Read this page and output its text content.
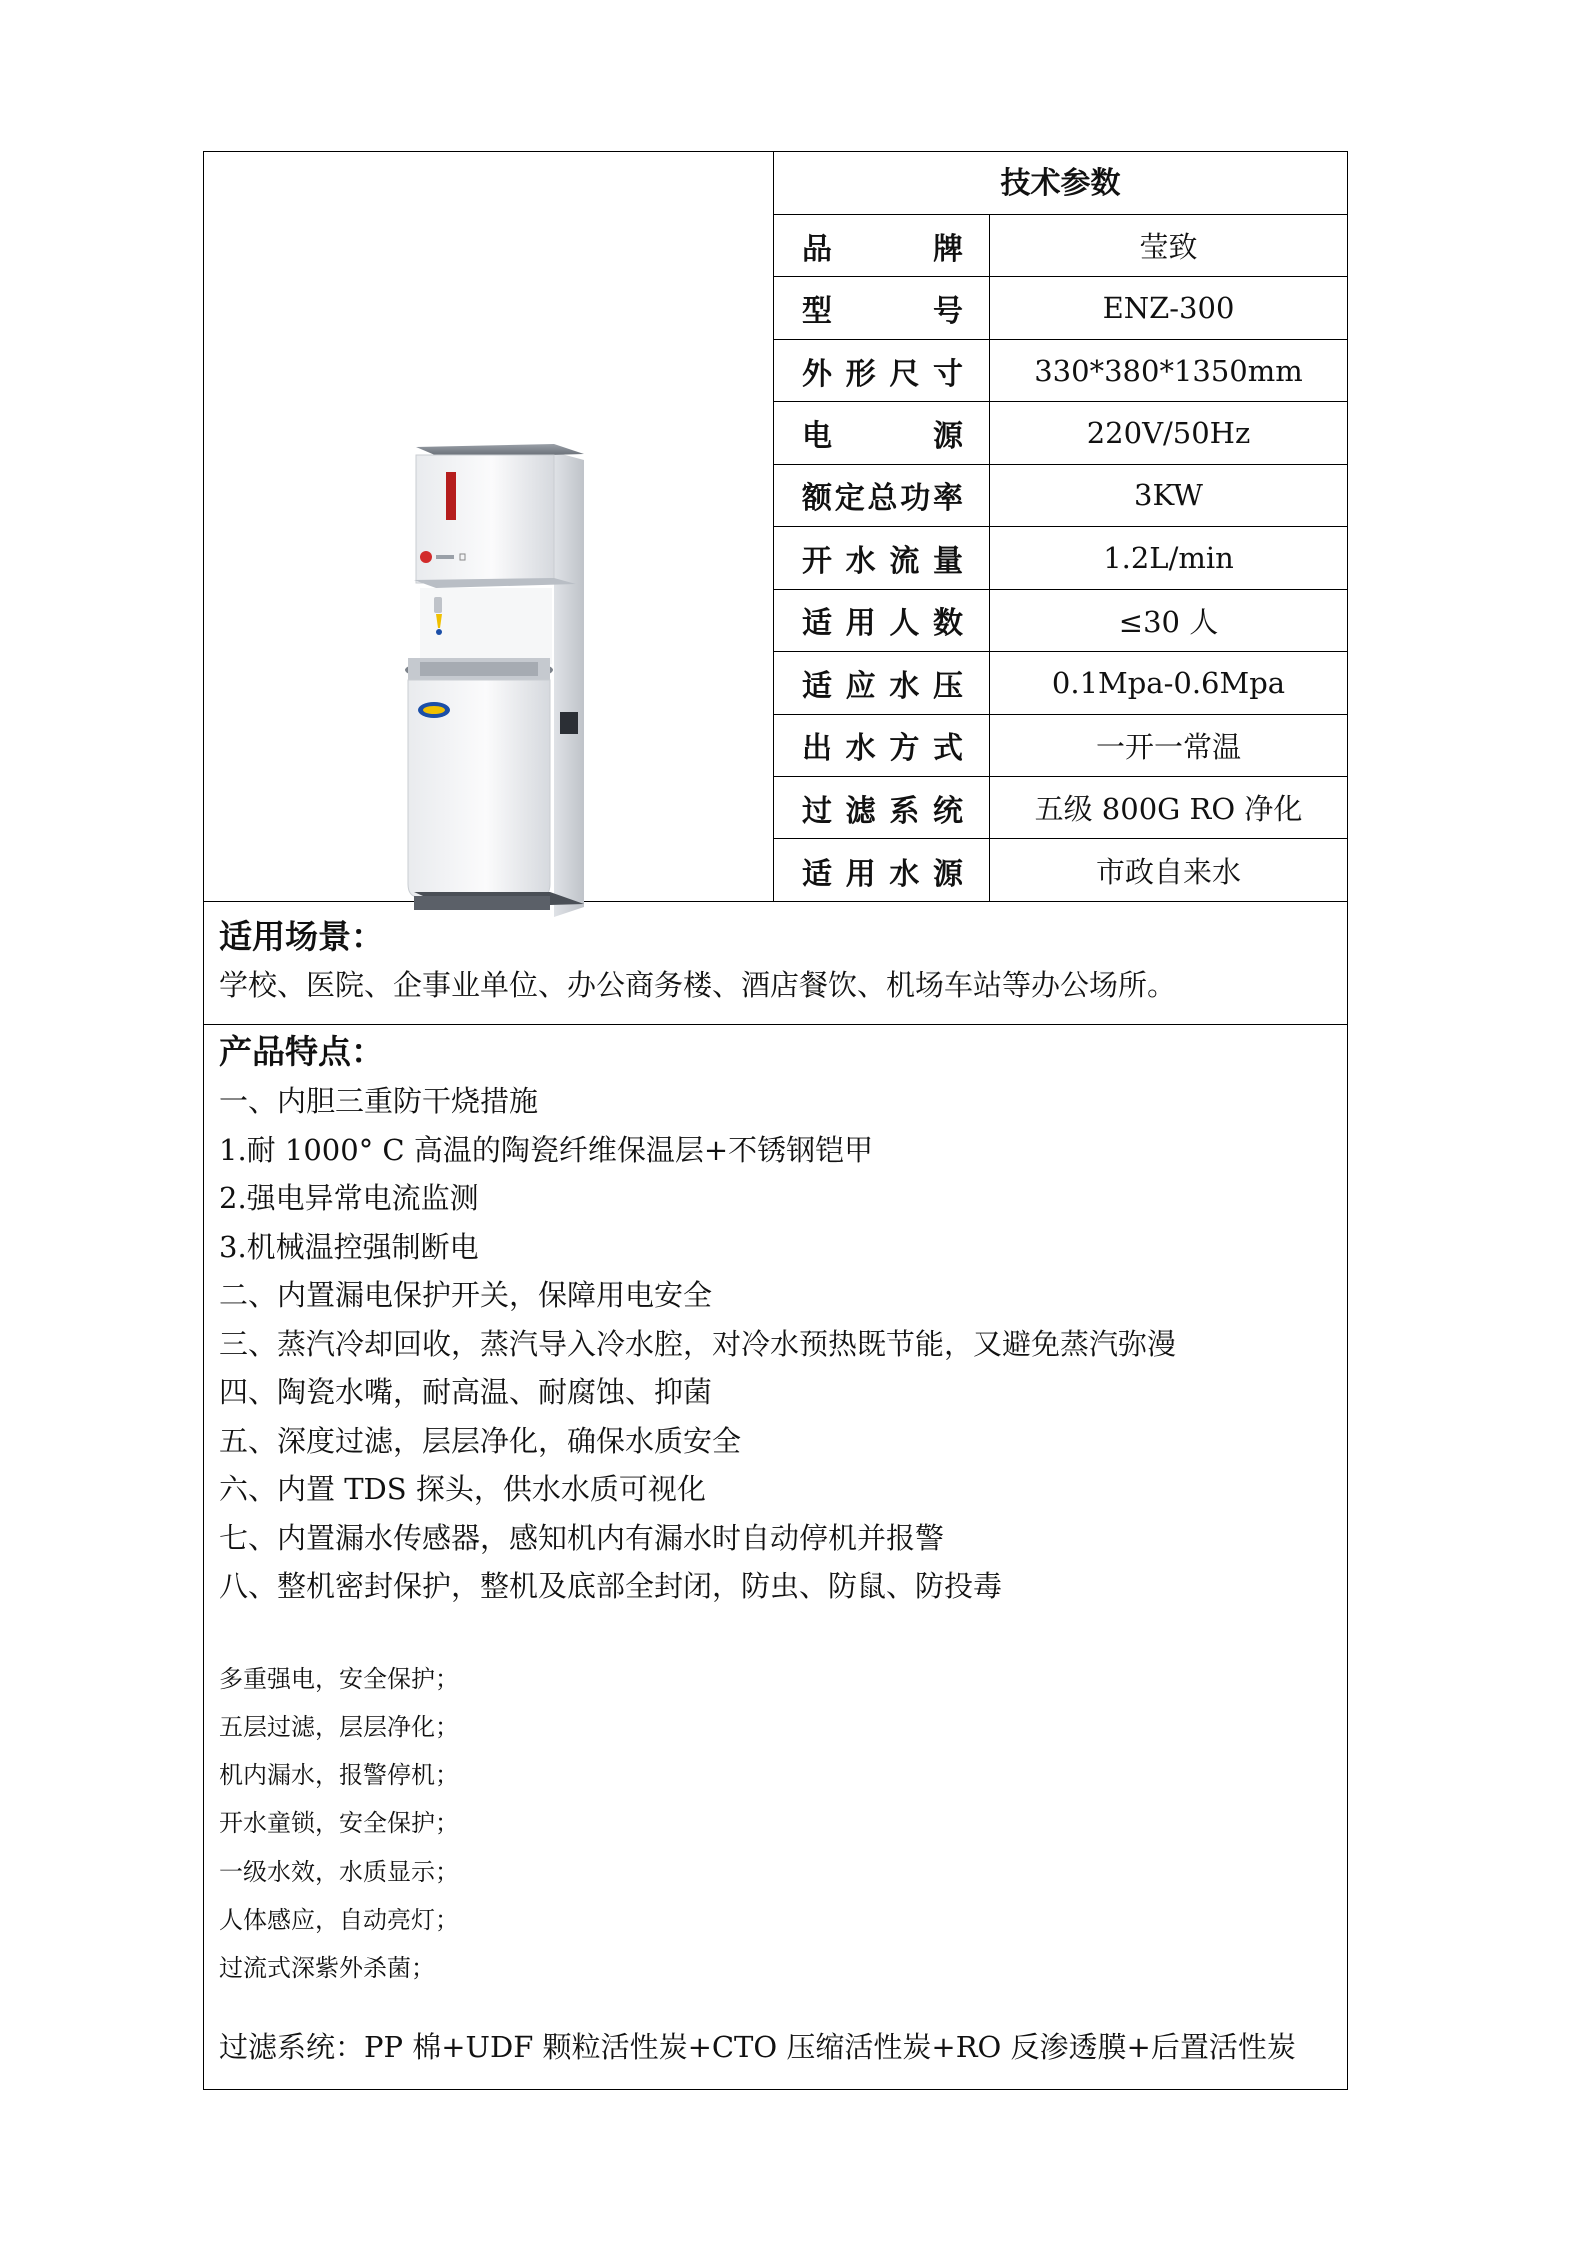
技术参数
品牌	莹致
型号	ENZ-300
外形尺寸	330*380*1350mm
电源	220V/50Hz
额定总功率	3KW
开水流量	1.2L/min
适用人数	≤30 人
适应水压	0.1Mpa-0.6Mpa
出水方式	一开一常温
过滤系统	五级 800G RO 净化
适用水源	市政自来水
适用场景：
学校、医院、企事业单位、办公商务楼、酒店餐饮、机场车站等办公场所。
产品特点：
一、内胆三重防干烧措施
1.耐 1000° C 高温的陶瓷纤维保温层+不锈钢铠甲
2.强电异常电流监测
3.机械温控强制断电
二、内置漏电保护开关，保障用电安全
三、蒸汽冷却回收，蒸汽导入冷水腔，对冷水预热既节能，又避免蒸汽弥漫
四、陶瓷水嘴，耐高温、耐腐蚀、抑菌
五、深度过滤，层层净化，确保水质安全
六、内置 TDS 探头，供水水质可视化
七、内置漏水传感器，感知机内有漏水时自动停机并报警
八、整机密封保护，整机及底部全封闭，防虫、防鼠、防投毒
多重强电，安全保护；
五层过滤，层层净化；
机内漏水，报警停机；
开水童锁，安全保护；
一级水效，水质显示；
人体感应，自动亮灯；
过流式深紫外杀菌；
过滤系统：PP 棉+UDF 颗粒活性炭+CTO 压缩活性炭+RO 反渗透膜+后置活性炭
